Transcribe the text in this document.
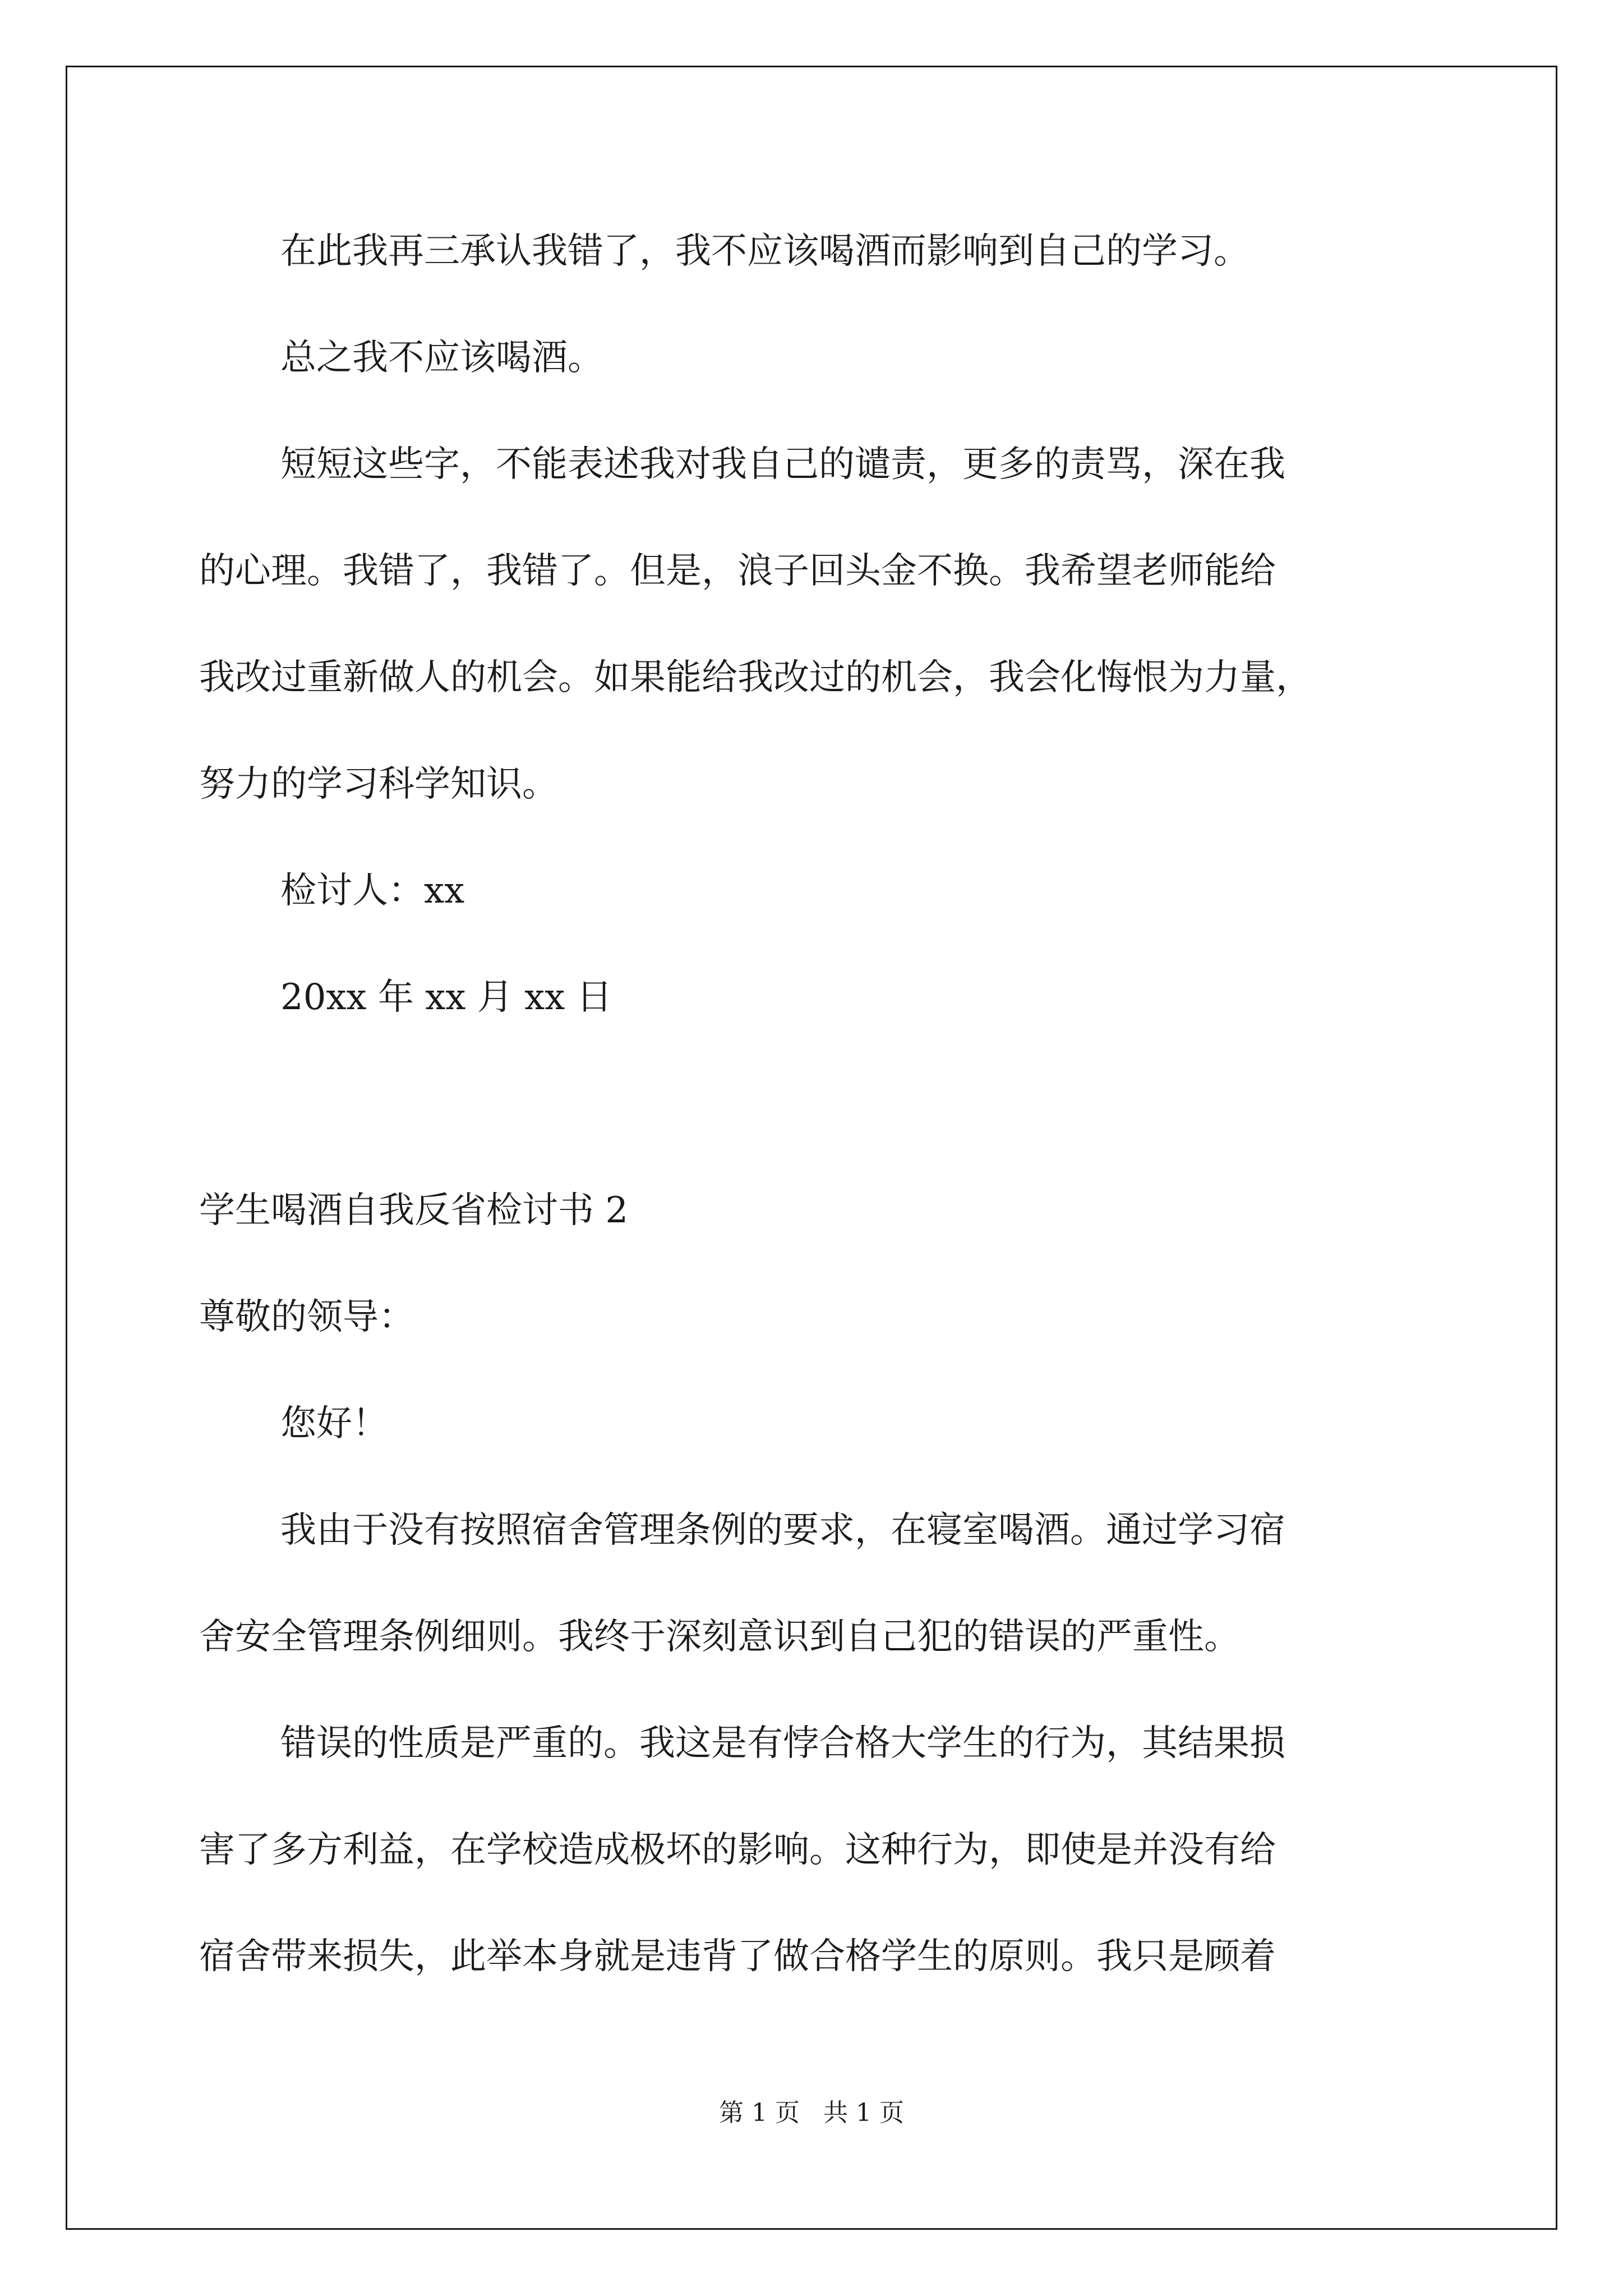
在此我再三承认我错了，我不应该喝酒而影响到自己的学习。
总之我不应该喝酒。
短短这些字，不能表述我对我自己的谴责，更多的责骂，深在我
的心理。我错了，我错了。但是，浪子回头金不换。我希望老师能给
我改过重新做人的机会。如果能给我改过的机会，我会化悔恨为力量，
努力的学习科学知识。
检讨人：xx
20xx 年 xx 月 xx 日
学生喝酒自我反省检讨书 2
尊敬的领导：
您好！
我由于没有按照宿舍管理条例的要求，在寝室喝酒。通过学习宿
舍安全管理条例细则。我终于深刻意识到自己犯的错误的严重性。
错误的性质是严重的。我这是有悖合格大学生的行为，其结果损
害了多方利益，在学校造成极坏的影响。这种行为，即使是并没有给
宿舍带来损失，此举本身就是违背了做合格学生的原则。我只是顾着
第 1 页   共 1 页
